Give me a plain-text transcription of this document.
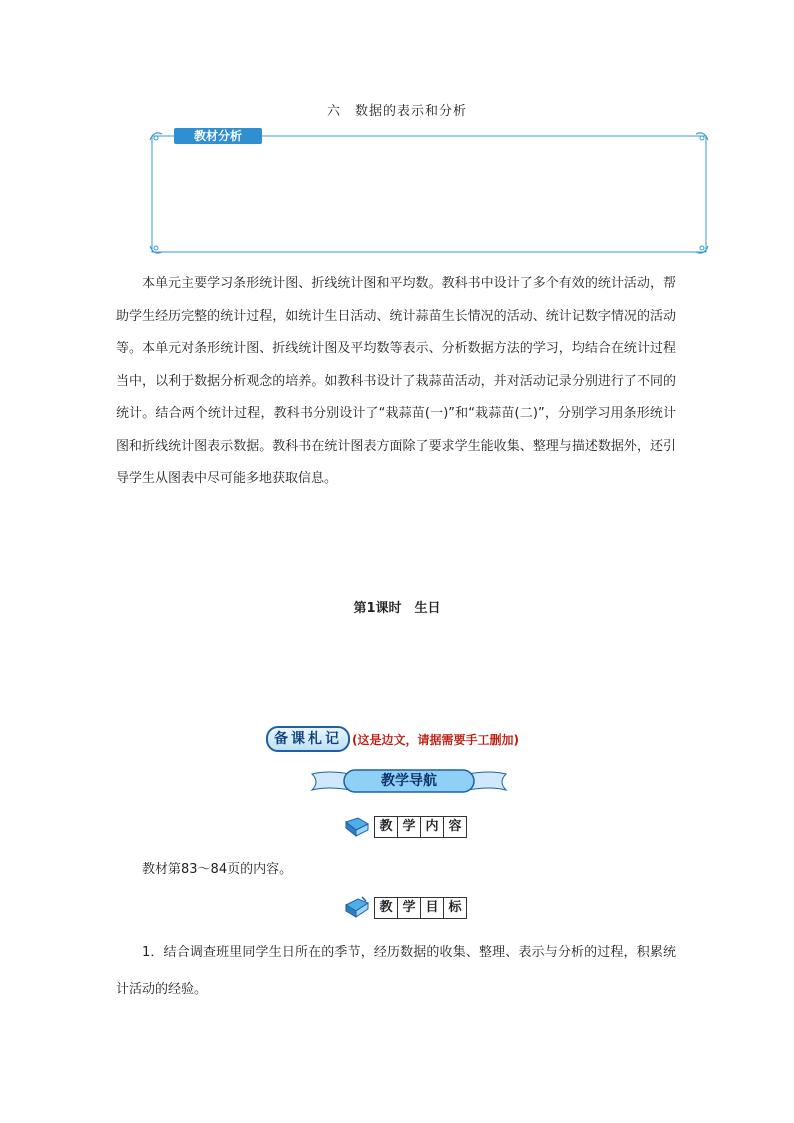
六　数据的表示和分析
教材分析

本单元主要学习条形统计图、折线统计图和平均数。教科书中设计了多个有效的统计活动，帮助学生经历完整的统计过程，如统计生日活动、统计蒜苗生长情况的活动、统计记数字情况的活动等。本单元对条形统计图、折线统计图及平均数等表示、分析数据方法的学习，均结合在统计过程当中，以利于数据分析观念的培养。如教科书设计了栽蒜苗活动，并对活动记录分别进行了不同的统计。结合两个统计过程，教科书分别设计了“栽蒜苗(一)”和“栽蒜苗(二)”，分别学习用条形统计图和折线统计图表示数据。教科书在统计图表方面除了要求学生能收集、整理与描述数据外，还引导学生从图表中尽可能多地获取信息。

第1课时　生日
备课札记 (这是边文，请据需要手工删加)
教学导航
教 学 内 容

教材第83～84页的内容。

教 学 目 标

1．结合调查班里同学生日所在的季节，经历数据的收集、整理、表示与分析的过程，积累统计活动的经验。
